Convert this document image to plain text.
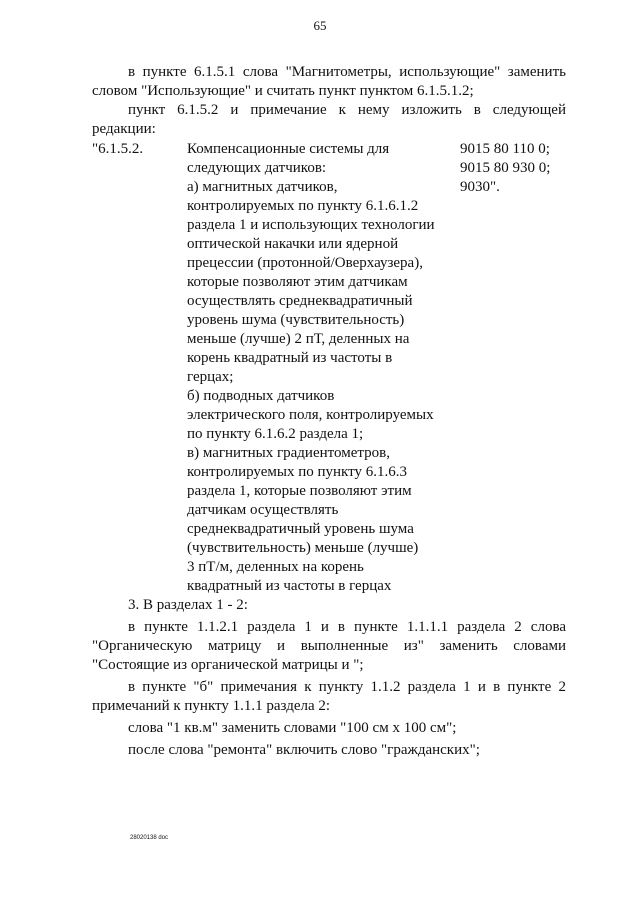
65
в пункте 6.1.5.1 слова "Магнитометры, использующие" заменить
словом "Использующие" и считать пункт пунктом 6.1.5.1.2;
пункт 6.1.5.2 и примечание к нему изложить в следующей
редакции:
"6.1.5.2.	Компенсационные системы для
следующих датчиков:
а) магнитных датчиков,
контролируемых по пункту 6.1.6.1.2
раздела 1 и использующих технологии
оптической накачки или ядерной
прецессии (протонной/Оверхаузера),
которые позволяют этим датчикам
осуществлять среднеквадратичный
уровень шума (чувствительность)
меньше (лучше) 2 пТ, деленных на
корень квадратный из частоты в
герцах;
б) подводных датчиков
электрического поля, контролируемых
по пункту 6.1.6.2 раздела 1;
в) магнитных градиентометров,
контролируемых по пункту 6.1.6.3
раздела 1, которые позволяют этим
датчикам осуществлять
среднеквадратичный уровень шума
(чувствительность) меньше (лучше)
3 пТ/м, деленных на корень
квадратный из частоты в герцах
9015 80 110 0;
9015 80 930 0;
9030".
3. В разделах 1 - 2:
в пункте 1.1.2.1 раздела 1 и в пункте 1.1.1.1 раздела 2 слова
"Органическую матрицу и выполненные из" заменить словами
"Состоящие из органической матрицы и ";
в пункте "б" примечания к пункту 1.1.2 раздела 1 и в пункте 2
примечаний к пункту 1.1.1 раздела 2:
слова "1 кв.м" заменить словами "100 см х 100 см";
после слова "ремонта" включить слово "гражданских";
28020138 doc
